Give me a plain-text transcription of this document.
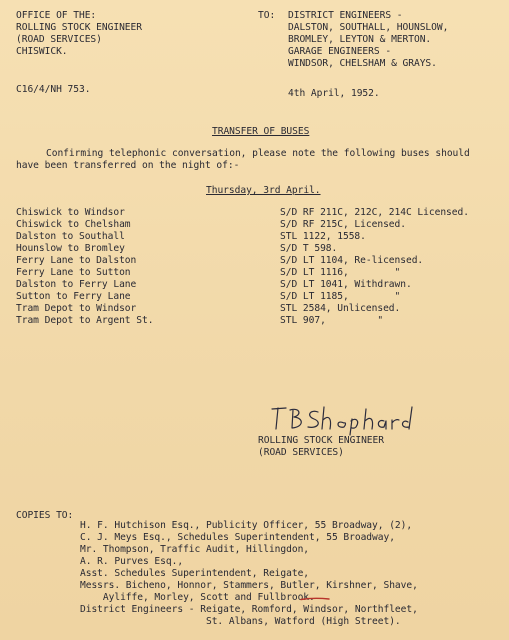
OFFICE OF THE:
ROLLING STOCK ENGINEER
(ROAD SERVICES)
CHISWICK.
TO: DISTRICT ENGINEERS -
DALSTON, SOUTHALL, HOUNSLOW,
BROMLEY, LEYTON & MERTON.
GARAGE ENGINEERS -
WINDSOR, CHELSHAM & GRAYS.
C16/4/NH 753.	4th April, 1952.
TRANSFER OF BUSES
Confirming telephonic conversation, please note the following buses should
have been transferred on the night of:-
Thursday, 3rd April.
Chiswick to Windsor	S/D RF 211C, 212C, 214C Licensed.
Chiswick to Chelsham	S/D RF 215C, Licensed.
Dalston to Southall	STL 1122, 1558.
Hounslow to Bromley	S/D T 598.
Ferry Lane to Dalston	S/D LT 1104, Re-licensed.
Ferry Lane to Sutton	S/D LT 1116,        "
Dalston to Ferry Lane	S/D LT 1041, Withdrawn.
Sutton to Ferry Lane	S/D LT 1185,        "
Tram Depot to Windsor	STL 2584, Unlicensed.
Tram Depot to Argent St.	STL 907,         "
ROLLING STOCK ENGINEER
(ROAD SERVICES)
COPIES TO:
H. F. Hutchison Esq., Publicity Officer, 55 Broadway, (2),
C. J. Meys Esq., Schedules Superintendent, 55 Broadway,
Mr. Thompson, Traffic Audit, Hillingdon,
A. R. Purves Esq.,
Asst. Schedules Superintendent, Reigate,
Messrs. Bicheno, Honnor, Stammers, Butler, Kirshner, Shave,
Ayliffe, Morley, Scott and Fullbrook.
District Engineers - Reigate, Romford, Windsor, Northfleet,
St. Albans, Watford (High Street).
